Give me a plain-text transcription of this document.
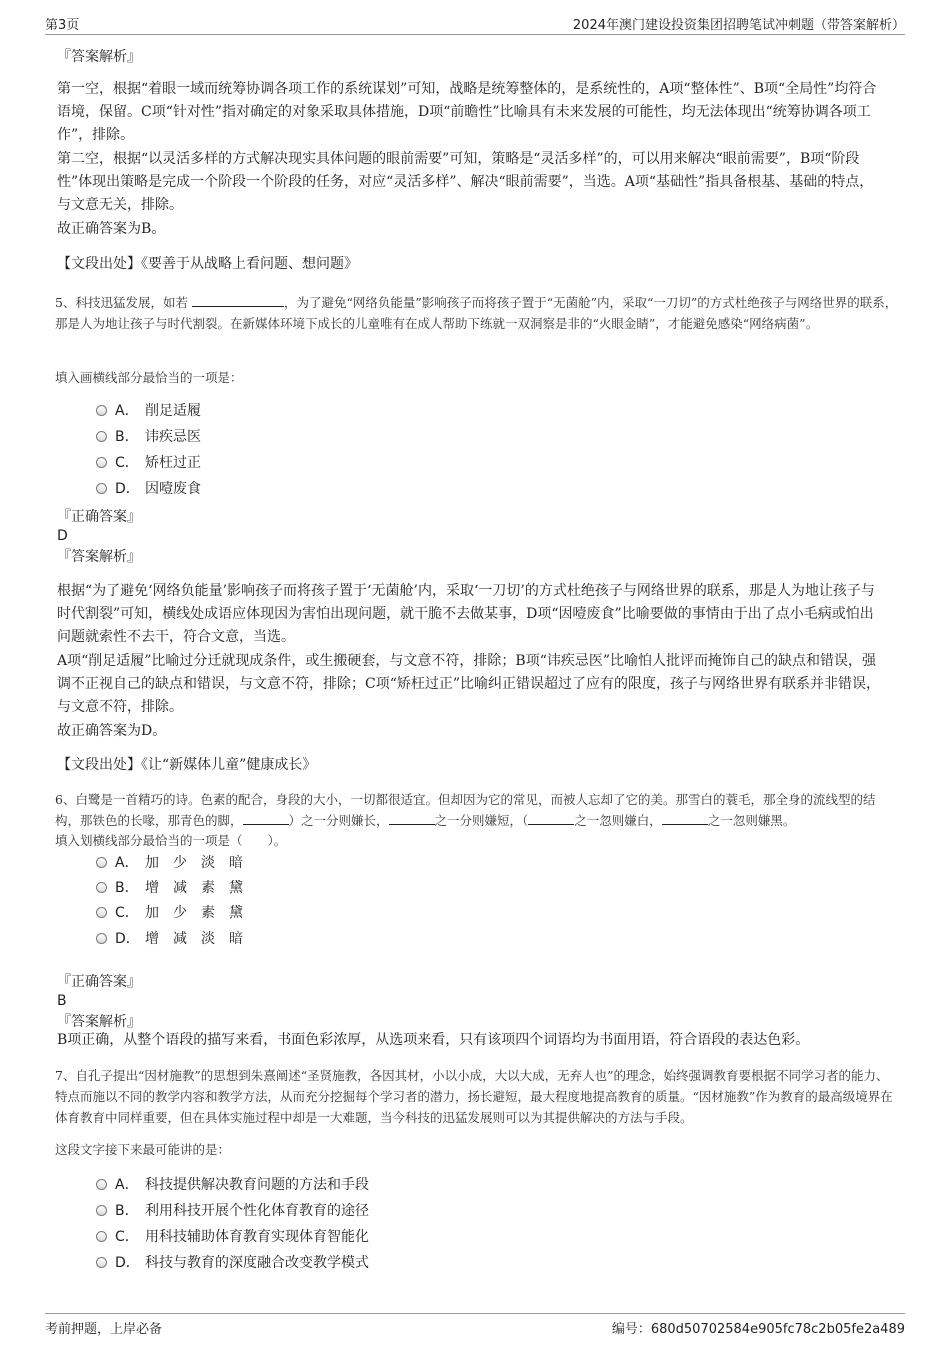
第3页	2024年澳门建设投资集团招聘笔试冲刺题（带答案解析）
『答案解析』
第一空，根据“着眼一域而统筹协调各项工作的系统谋划”可知，战略是统筹整体的，是系统性的，A项“整体性”、B项“全局性”均符合语境，保留。C项“针对性”指对确定的对象采取具体措施，D项“前瞻性”比喻具有未来发展的可能性，均无法体现出“统筹协调各项工作”，排除。
第二空，根据“以灵活多样的方式解决现实具体问题的眼前需要”可知，策略是“灵活多样”的，可以用来解决“眼前需要”，B项“阶段性”体现出策略是完成一个阶段一个阶段的任务，对应“灵活多样”、解决“眼前需要”，当选。A项“基础性”指具备根基、基础的特点，与文意无关，排除。
故正确答案为B。
【文段出处】《要善于从战略上看问题、想问题》
5、科技迅猛发展，如若	，为了避免“网络负能量”影响孩子而将孩子置于“无菌舱”内，采取“一刀切”的方式杜绝孩子与网络世界的联系，那是人为地让孩子与时代割裂。在新媒体环境下成长的儿童唯有在成人帮助下练就一双洞察是非的“火眼金睛”，才能避免感染“网络病菌”。
填入画横线部分最恰当的一项是：
A． 削足适履
B． 讳疾忌医
C． 矫枉过正
D． 因噎废食
『正确答案』
D
『答案解析』
根据“为了避免‘网络负能量’影响孩子而将孩子置于‘无菌舱’内，采取‘一刀切’的方式杜绝孩子与网络世界的联系，那是人为地让孩子与时代割裂”可知，横线处成语应体现因为害怕出现问题，就干脆不去做某事，D项“因噎废食”比喻要做的事情由于出了点小毛病或怕出问题就索性不去干，符合文意，当选。
A项“削足适履”比喻过分迁就现成条件，或生搬硬套，与文意不符，排除；B项“讳疾忌医”比喻怕人批评而掩饰自己的缺点和错误，强调不正视自己的缺点和错误，与文意不符，排除；C项“矫枉过正”比喻纠正错误超过了应有的限度，孩子与网络世界有联系并非错误，与文意不符，排除。
故正确答案为D。
【文段出处】《让“新媒体儿童”健康成长》
6、白鹭是一首精巧的诗。色素的配合，身段的大小，一切都很适宜。但却因为它的常见，而被人忘却了它的美。那雪白的蓑毛，那全身的流线型的结构，那铁色的长喙，那青色的脚，	）之一分则嫌长，	之一分则嫌短，（	之一忽则嫌白，	之一忽则嫌黑。
填入划横线部分最恰当的一项是（　　）。
A． 加　少　淡　暗
B． 增　减　素　黛
C． 加　少　素　黛
D． 增　减　淡　暗
『正确答案』
B
『答案解析』
B项正确，从整个语段的描写来看，书面色彩浓厚，从选项来看，只有该项四个词语均为书面用语，符合语段的表达色彩。
7、自孔子提出“因材施教”的思想到朱熹阐述“圣贤施教，各因其材，小以小成，大以大成，无弃人也”的理念，始终强调教育要根据不同学习者的能力、特点而施以不同的教学内容和教学方法，从而充分挖掘每个学习者的潜力，扬长避短，最大程度地提高教育的质量。“因材施教”作为教育的最高级境界在体育教育中同样重要，但在具体实施过程中却是一大难题，当今科技的迅猛发展则可以为其提供解决的方法与手段。
这段文字接下来最可能讲的是：
A． 科技提供解决教育问题的方法和手段
B． 利用科技开展个性化体育教育的途径
C． 用科技辅助体育教育实现体育智能化
D． 科技与教育的深度融合改变教学模式
考前押题，上岸必备	编号：680d50702584e905fc78c2b05fe2a489
